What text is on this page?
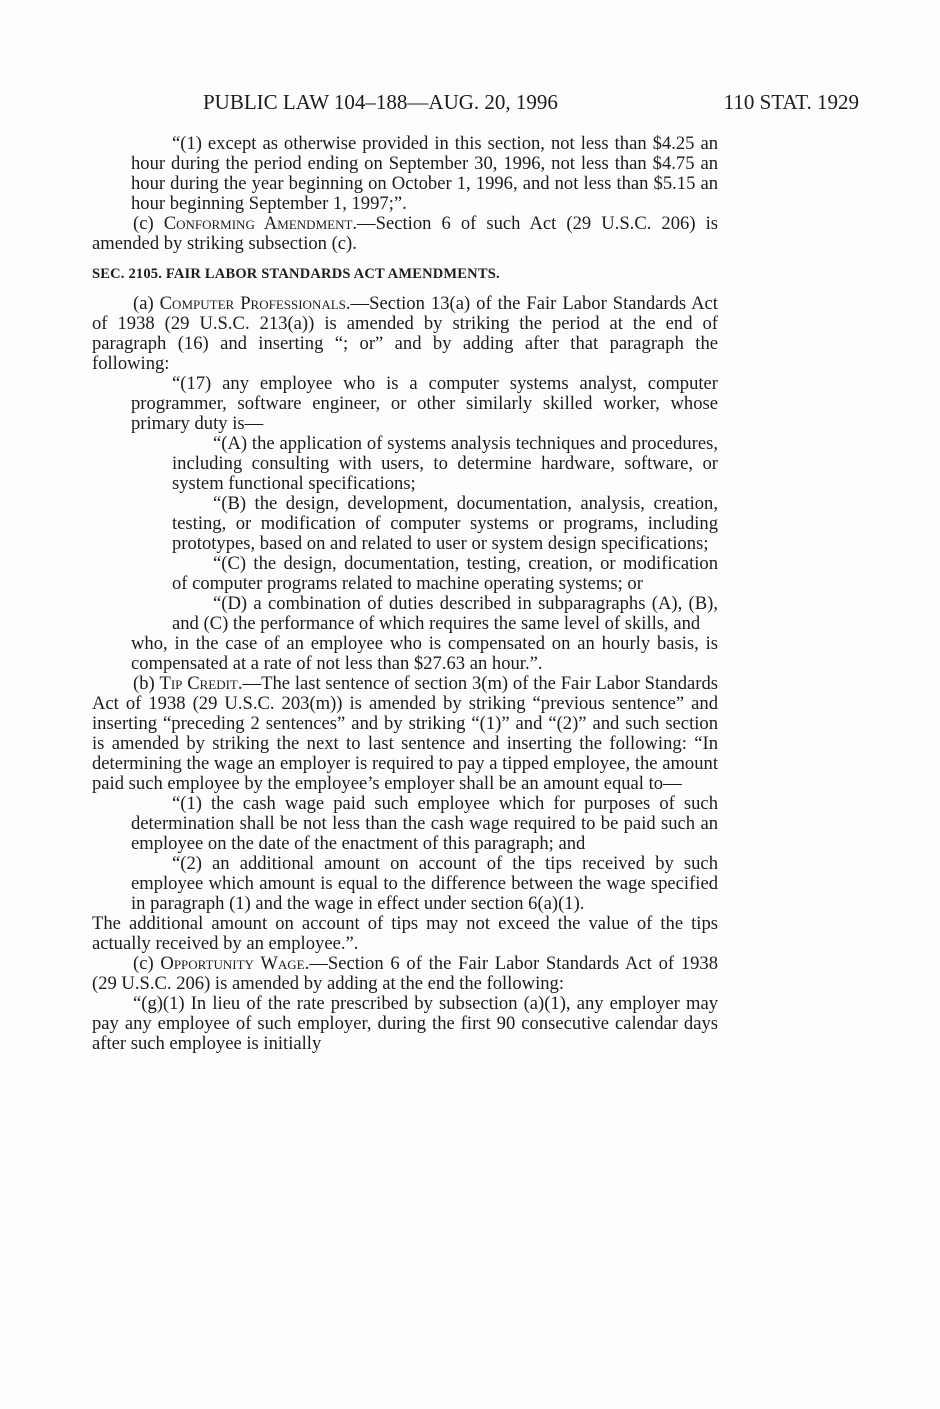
PUBLIC LAW 104–188—AUG. 20, 1996	110 STAT. 1929

“(1) except as otherwise provided in this section, not less than $4.25 an hour during the period ending on September 30, 1996, not less than $4.75 an hour during the year beginning on October 1, 1996, and not less than $5.15 an hour beginning September 1, 1997;”.

(c) Conforming Amendment.—Section 6 of such Act (29 U.S.C. 206) is amended by striking subsection (c).

SEC. 2105. FAIR LABOR STANDARDS ACT AMENDMENTS.

(a) Computer Professionals.—Section 13(a) of the Fair Labor Standards Act of 1938 (29 U.S.C. 213(a)) is amended by striking the period at the end of paragraph (16) and inserting “; or” and by adding after that paragraph the following:

“(17) any employee who is a computer systems analyst, computer programmer, software engineer, or other similarly skilled worker, whose primary duty is—

“(A) the application of systems analysis techniques and procedures, including consulting with users, to determine hardware, software, or system functional specifications;

“(B) the design, development, documentation, analysis, creation, testing, or modification of computer systems or programs, including prototypes, based on and related to user or system design specifications;

“(C) the design, documentation, testing, creation, or modification of computer programs related to machine operating systems; or

“(D) a combination of duties described in subparagraphs (A), (B), and (C) the performance of which requires the same level of skills, and

who, in the case of an employee who is compensated on an hourly basis, is compensated at a rate of not less than $27.63 an hour.”.

(b) Tip Credit.—The last sentence of section 3(m) of the Fair Labor Standards Act of 1938 (29 U.S.C. 203(m)) is amended by striking “previous sentence” and inserting “preceding 2 sentences” and by striking “(1)” and “(2)” and such section is amended by striking the next to last sentence and inserting the following: “In determining the wage an employer is required to pay a tipped employee, the amount paid such employee by the employee’s employer shall be an amount equal to—

“(1) the cash wage paid such employee which for purposes of such determination shall be not less than the cash wage required to be paid such an employee on the date of the enactment of this paragraph; and

“(2) an additional amount on account of the tips received by such employee which amount is equal to the difference between the wage specified in paragraph (1) and the wage in effect under section 6(a)(1).

The additional amount on account of tips may not exceed the value of the tips actually received by an employee.”.

(c) Opportunity Wage.—Section 6 of the Fair Labor Standards Act of 1938 (29 U.S.C. 206) is amended by adding at the end the following:

“(g)(1) In lieu of the rate prescribed by subsection (a)(1), any employer may pay any employee of such employer, during the first 90 consecutive calendar days after such employee is initially
